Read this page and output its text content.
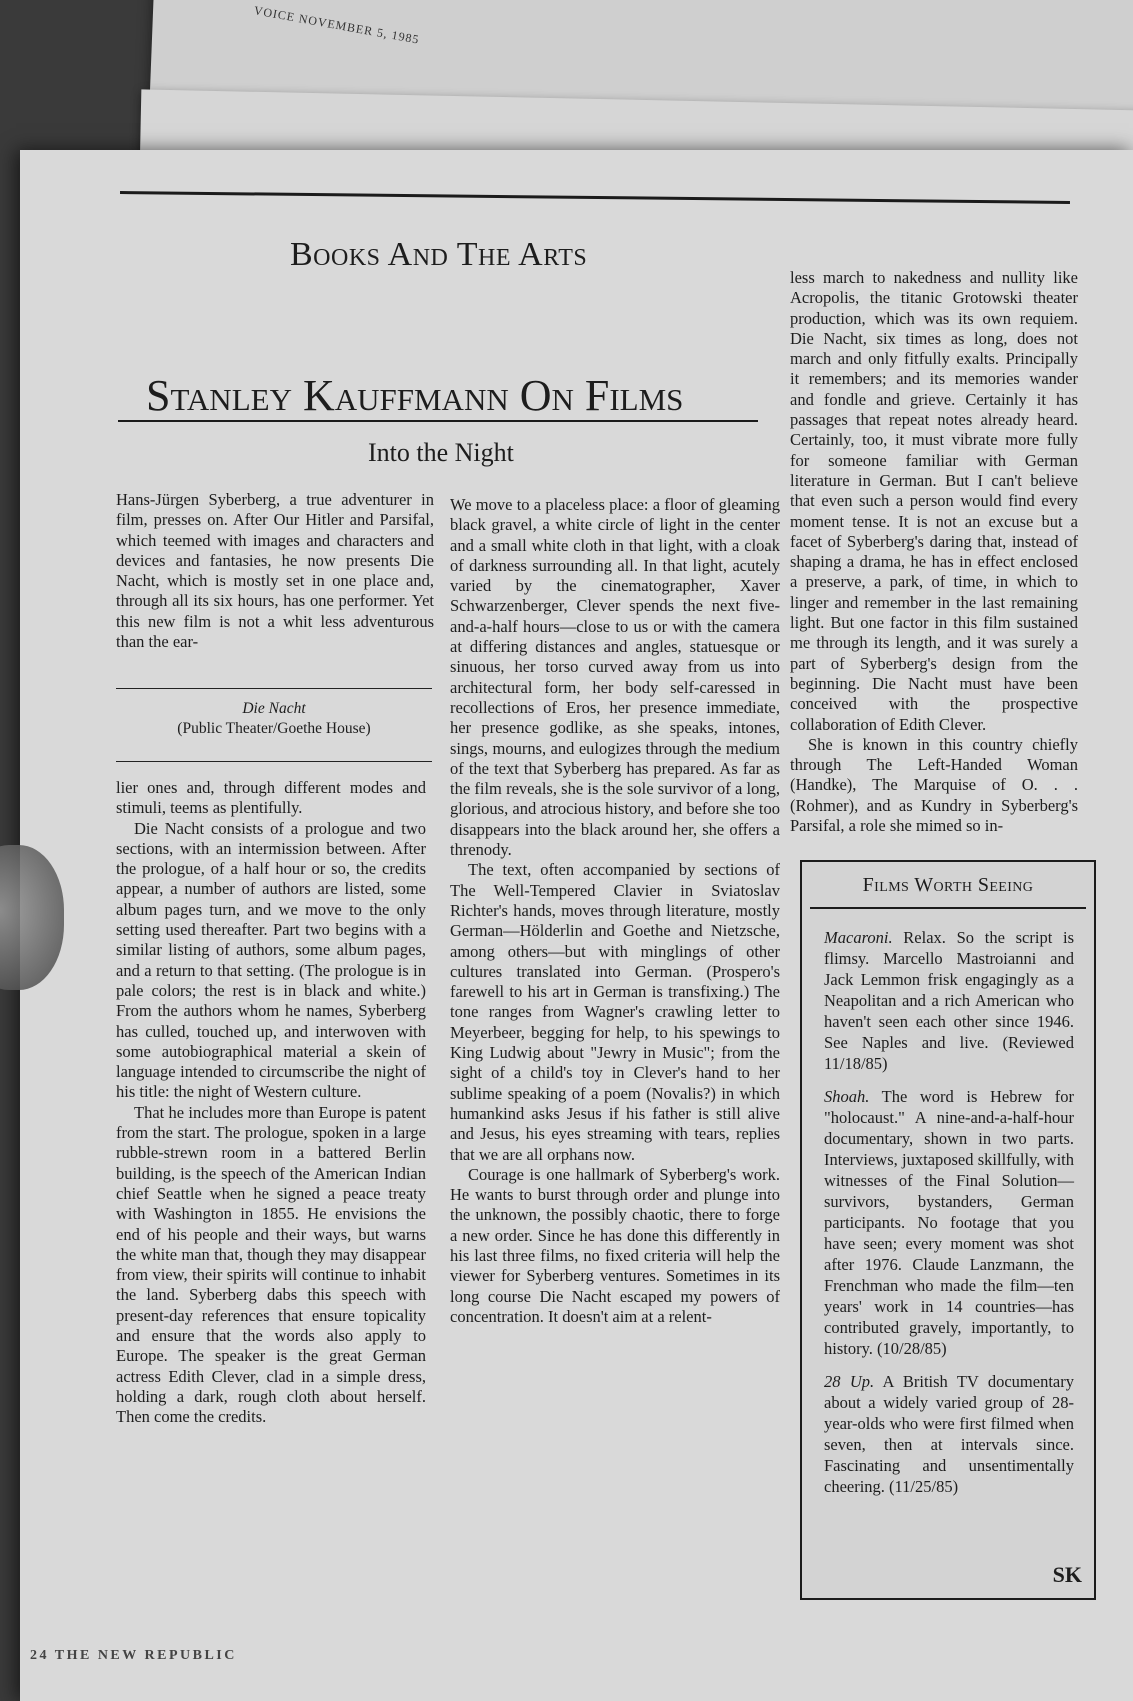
VOICE NOVEMBER 5, 1985
Books And The Arts
Stanley Kauffmann On Films
Into the Night

Hans-Jürgen Syberberg, a true adventurer in film, presses on. After Our Hitler and Parsifal, which teemed with images and characters and devices and fantasies, he now presents Die Nacht, which is mostly set in one place and, through all its six hours, has one performer. Yet this new film is not a whit less adventurous than the ear-

Die Nacht
(Public Theater/Goethe House)

lier ones and, through different modes and stimuli, teems as plentifully.

Die Nacht consists of a prologue and two sections, with an intermission between. After the prologue, of a half hour or so, the credits appear, a number of authors are listed, some album pages turn, and we move to the only setting used thereafter. Part two begins with a similar listing of authors, some album pages, and a return to that setting. (The prologue is in pale colors; the rest is in black and white.) From the authors whom he names, Syberberg has culled, touched up, and interwoven with some autobiographical material a skein of language intended to circumscribe the night of his title: the night of Western culture.

That he includes more than Europe is patent from the start. The prologue, spoken in a large rubble-strewn room in a battered Berlin building, is the speech of the American Indian chief Seattle when he signed a peace treaty with Washington in 1855. He envisions the end of his people and their ways, but warns the white man that, though they may disappear from view, their spirits will continue to inhabit the land. Syberberg dabs this speech with present-day references that ensure topicality and ensure that the words also apply to Europe. The speaker is the great German actress Edith Clever, clad in a simple dress, holding a dark, rough cloth about herself. Then come the credits.

We move to a placeless place: a floor of gleaming black gravel, a white circle of light in the center and a small white cloth in that light, with a cloak of darkness surrounding all. In that light, acutely varied by the cinematographer, Xaver Schwarzenberger, Clever spends the next five-and-a-half hours—close to us or with the camera at differing distances and angles, statuesque or sinuous, her torso curved away from us into architectural form, her body self-caressed in recollections of Eros, her presence immediate, her presence godlike, as she speaks, intones, sings, mourns, and eulogizes through the medium of the text that Syberberg has prepared. As far as the film reveals, she is the sole survivor of a long, glorious, and atrocious history, and before she too disappears into the black around her, she offers a threnody.

The text, often accompanied by sections of The Well-Tempered Clavier in Sviatoslav Richter's hands, moves through literature, mostly German—Hölderlin and Goethe and Nietzsche, among others—but with minglings of other cultures translated into German. (Prospero's farewell to his art in German is transfixing.) The tone ranges from Wagner's crawling letter to Meyerbeer, begging for help, to his spewings to King Ludwig about "Jewry in Music"; from the sight of a child's toy in Clever's hand to her sublime speaking of a poem (Novalis?) in which humankind asks Jesus if his father is still alive and Jesus, his eyes streaming with tears, replies that we are all orphans now.

Courage is one hallmark of Syberberg's work. He wants to burst through order and plunge into the unknown, the possibly chaotic, there to forge a new order. Since he has done this differently in his last three films, no fixed criteria will help the viewer for Syberberg ventures. Sometimes in its long course Die Nacht escaped my powers of concentration. It doesn't aim at a relent-

less march to nakedness and nullity like Acropolis, the titanic Grotowski theater production, which was its own requiem. Die Nacht, six times as long, does not march and only fitfully exalts. Principally it remembers; and its memories wander and fondle and grieve. Certainly it has passages that repeat notes already heard. Certainly, too, it must vibrate more fully for someone familiar with German literature in German. But I can't believe that even such a person would find every moment tense. It is not an excuse but a facet of Syberberg's daring that, instead of shaping a drama, he has in effect enclosed a preserve, a park, of time, in which to linger and remember in the last remaining light. But one factor in this film sustained me through its length, and it was surely a part of Syberberg's design from the beginning. Die Nacht must have been conceived with the prospective collaboration of Edith Clever.

She is known in this country chiefly through The Left-Handed Woman (Handke), The Marquise of O. . . (Rohmer), and as Kundry in Syberberg's Parsifal, a role she mimed so in-

Films Worth Seeing
Macaroni. Relax. So the script is flimsy. Marcello Mastroianni and Jack Lemmon frisk engagingly as a Neapolitan and a rich American who haven't seen each other since 1946. See Naples and live. (Reviewed 11/18/85)
Shoah. The word is Hebrew for "holocaust." A nine-and-a-half-hour documentary, shown in two parts. Interviews, juxtaposed skillfully, with witnesses of the Final Solution—survivors, bystanders, German participants. No footage that you have seen; every moment was shot after 1976. Claude Lanzmann, the Frenchman who made the film—ten years' work in 14 countries—has contributed gravely, importantly, to history. (10/28/85)
28 Up. A British TV documentary about a widely varied group of 28-year-olds who were first filmed when seven, then at intervals since. Fascinating and unsentimentally cheering. (11/25/85)
SK
24 THE NEW REPUBLIC
